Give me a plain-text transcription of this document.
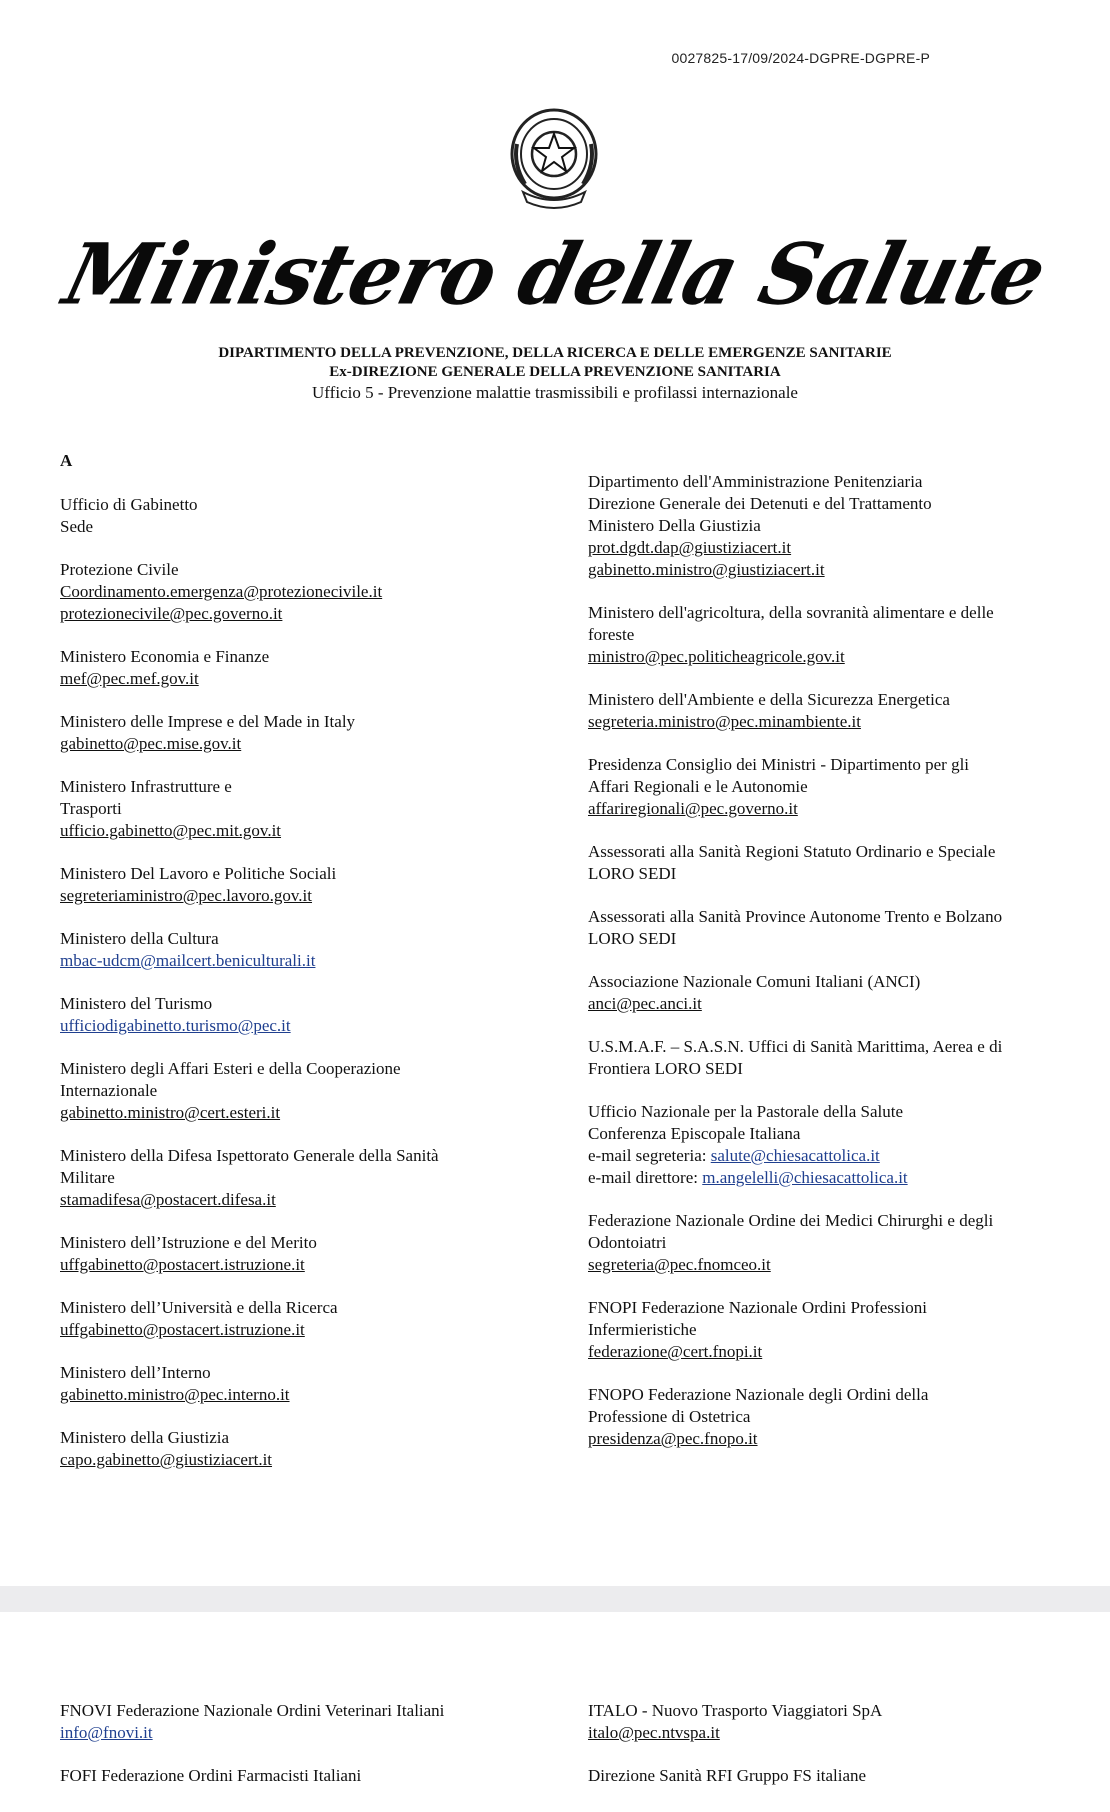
0027825-17/09/2024-DGPRE-DGPRE-P
Ministero della Salute
DIPARTIMENTO DELLA PREVENZIONE, DELLA RICERCA E DELLE EMERGENZE SANITARIE
Ex-DIREZIONE GENERALE DELLA PREVENZIONE SANITARIA
Ufficio 5 - Prevenzione malattie trasmissibili e profilassi internazionale
A
Ufficio di Gabinetto
Sede
Protezione Civile
Coordinamento.emergenza@protezionecivile.it
protezionecivile@pec.governo.it
Ministero Economia e Finanze
mef@pec.mef.gov.it
Ministero delle Imprese e del Made in Italy
gabinetto@pec.mise.gov.it
Ministero Infrastrutture e
Trasporti
ufficio.gabinetto@pec.mit.gov.it
Ministero Del Lavoro e Politiche Sociali
segreteriaministro@pec.lavoro.gov.it
Ministero della Cultura
mbac-udcm@mailcert.beniculturali.it
Ministero del Turismo
ufficiodigabinetto.turismo@pec.it
Ministero degli Affari Esteri e della Cooperazione
Internazionale
gabinetto.ministro@cert.esteri.it
Ministero della Difesa Ispettorato Generale della Sanità
Militare
stamadifesa@postacert.difesa.it
Ministero dell’Istruzione e del Merito
uffgabinetto@postacert.istruzione.it
Ministero dell’Università e della Ricerca
uffgabinetto@postacert.istruzione.it
Ministero dell’Interno
gabinetto.ministro@pec.interno.it
Ministero della Giustizia
capo.gabinetto@giustiziacert.it
Dipartimento dell'Amministrazione Penitenziaria
Direzione Generale dei Detenuti e del Trattamento
Ministero Della Giustizia
prot.dgdt.dap@giustiziacert.it
gabinetto.ministro@giustiziacert.it
Ministero dell'agricoltura, della sovranità alimentare e delle
foreste
ministro@pec.politicheagricole.gov.it
Ministero dell'Ambiente e della Sicurezza Energetica
segreteria.ministro@pec.minambiente.it
Presidenza Consiglio dei Ministri - Dipartimento per gli
Affari Regionali e le Autonomie
affariregionali@pec.governo.it
Assessorati alla Sanità Regioni Statuto Ordinario e Speciale
LORO SEDI
Assessorati alla Sanità Province Autonome Trento e Bolzano
LORO SEDI
Associazione Nazionale Comuni Italiani (ANCI)
anci@pec.anci.it
U.S.M.A.F. – S.A.S.N. Uffici di Sanità Marittima, Aerea e di
Frontiera LORO SEDI
Ufficio Nazionale per la Pastorale della Salute
Conferenza Episcopale Italiana
e-mail segreteria: salute@chiesacattolica.it
e-mail direttore: m.angelelli@chiesacattolica.it
Federazione Nazionale Ordine dei Medici Chirurghi e degli
Odontoiatri
segreteria@pec.fnomceo.it
FNOPI Federazione Nazionale Ordini Professioni
Infermieristiche
federazione@cert.fnopi.it
FNOPO Federazione Nazionale degli Ordini della
Professione di Ostetrica
presidenza@pec.fnopo.it
FNOVI Federazione Nazionale Ordini Veterinari Italiani
info@fnovi.it
FOFI Federazione Ordini Farmacisti Italiani
ITALO - Nuovo Trasporto Viaggiatori SpA
italo@pec.ntvspa.it
Direzione Sanità RFI Gruppo FS italiane
